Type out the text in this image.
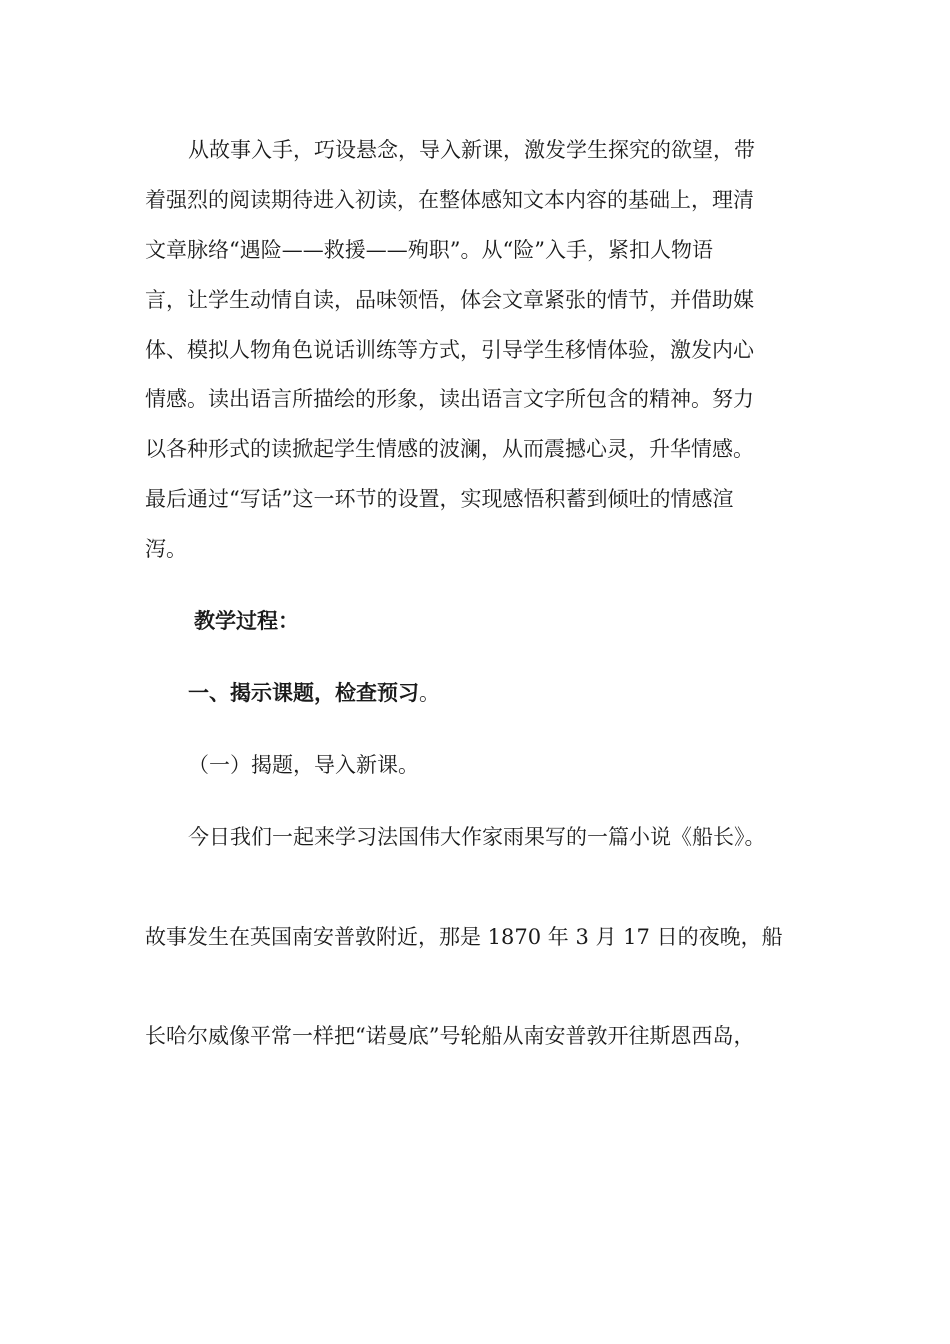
从故事入手，巧设悬念，导入新课，激发学生探究的欲望，带
着强烈的阅读期待进入初读，在整体感知文本内容的基础上，理清
文章脉络“遇险——救援——殉职”。从“险”入手，紧扣人物语
言，让学生动情自读，品味领悟，体会文章紧张的情节，并借助媒
体、模拟人物角色说话训练等方式，引导学生移情体验，激发内心
情感。读出语言所描绘的形象，读出语言文字所包含的精神。努力
以各种形式的读掀起学生情感的波澜，从而震撼心灵，升华情感。
最后通过“写话”这一环节的设置，实现感悟积蓄到倾吐的情感渲
泻。
教学过程：
一、揭示课题，检查预习。
（一）揭题，导入新课。
今日我们一起来学习法国伟大作家雨果写的一篇小说《船长》。
故事发生在英国南安普敦附近，那是 1870 年 3 月 17 日的夜晚，船
长哈尔威像平常一样把“诺曼底”号轮船从南安普敦开往斯恩西岛，
